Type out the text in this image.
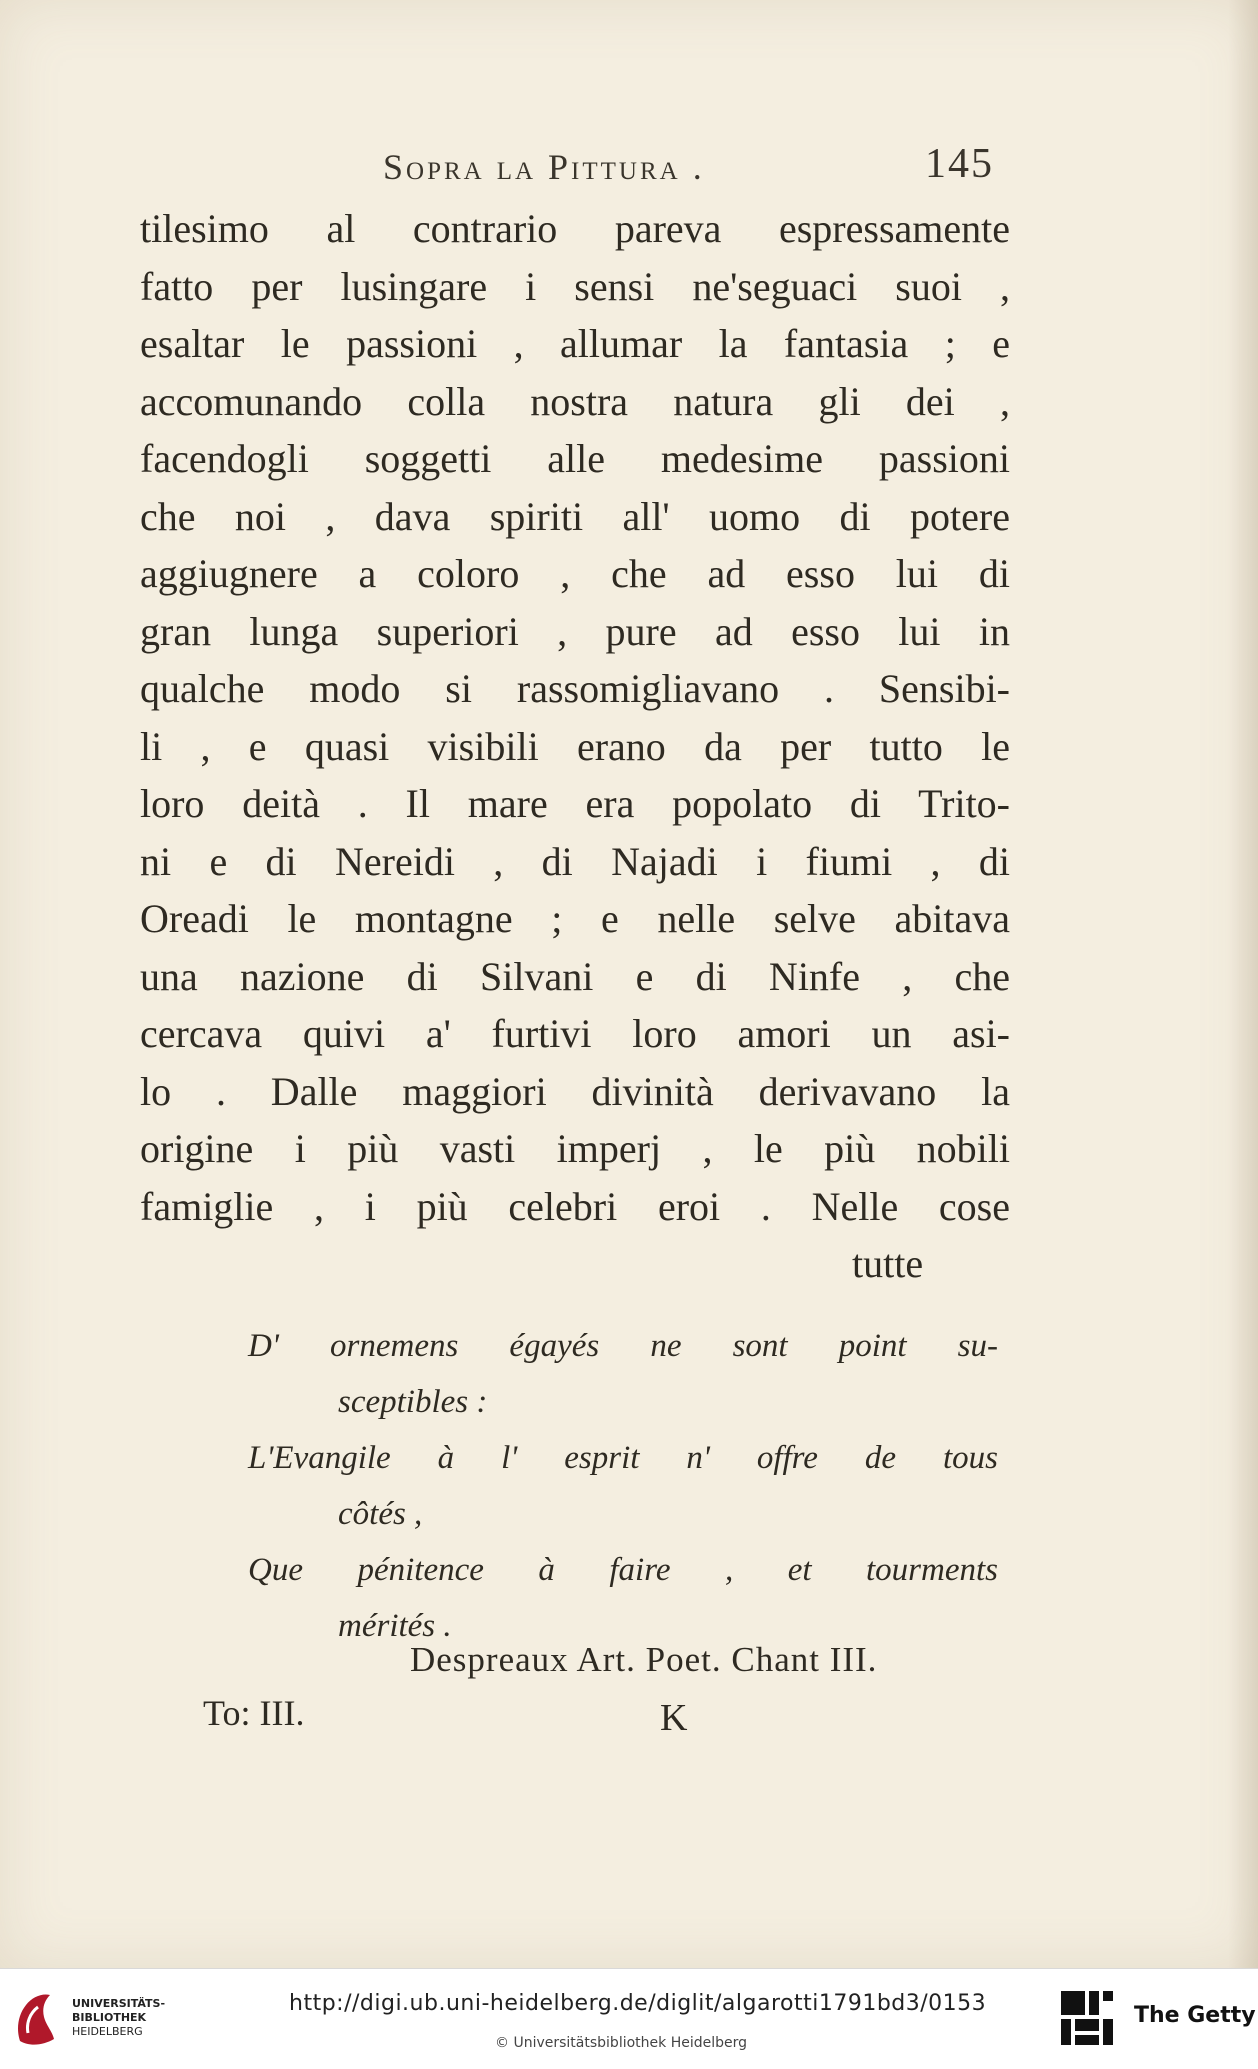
Sopra la Pittura .	145
tilesimo al contrario pareva espressamente
fatto per lusingare i sensi ne'seguaci suoi ,
esaltar le passioni , allumar la fantasia ; e
accomunando colla nostra natura gli dei ,
facendogli soggetti alle medesime passioni
che noi , dava spiriti all' uomo di potere
aggiugnere a coloro , che ad esso lui di
gran lunga superiori , pure ad esso lui in
qualche modo si rassomigliavano . Sensibi-
li , e quasi visibili erano da per tutto le
loro deità . Il mare era popolato di Trito-
ni e di Nereidi , di Najadi i fiumi , di
Oreadi le montagne ; e nelle selve abitava
una nazione di Silvani e di Ninfe , che
cercava quivi a' furtivi loro amori un asi-
lo . Dalle maggiori divinità derivavano la
origine i più vasti imperj , le più nobili
famiglie , i più celebri eroi . Nelle cose
tutte
D' ornemens égayés ne sont point su-
sceptibles :
L'Evangile à l' esprit n' offre de tous
côtés ,
Que pénitence à faire , et tourments
mérités .
Despreaux Art. Poet. Chant III.
To: III.	K
UNIVERSITÄTS-
BIBLIOTHEK
HEIDELBERG
http://digi.ub.uni-heidelberg.de/diglit/algarotti1791bd3/0153
© Universitätsbibliothek Heidelberg
The Getty
